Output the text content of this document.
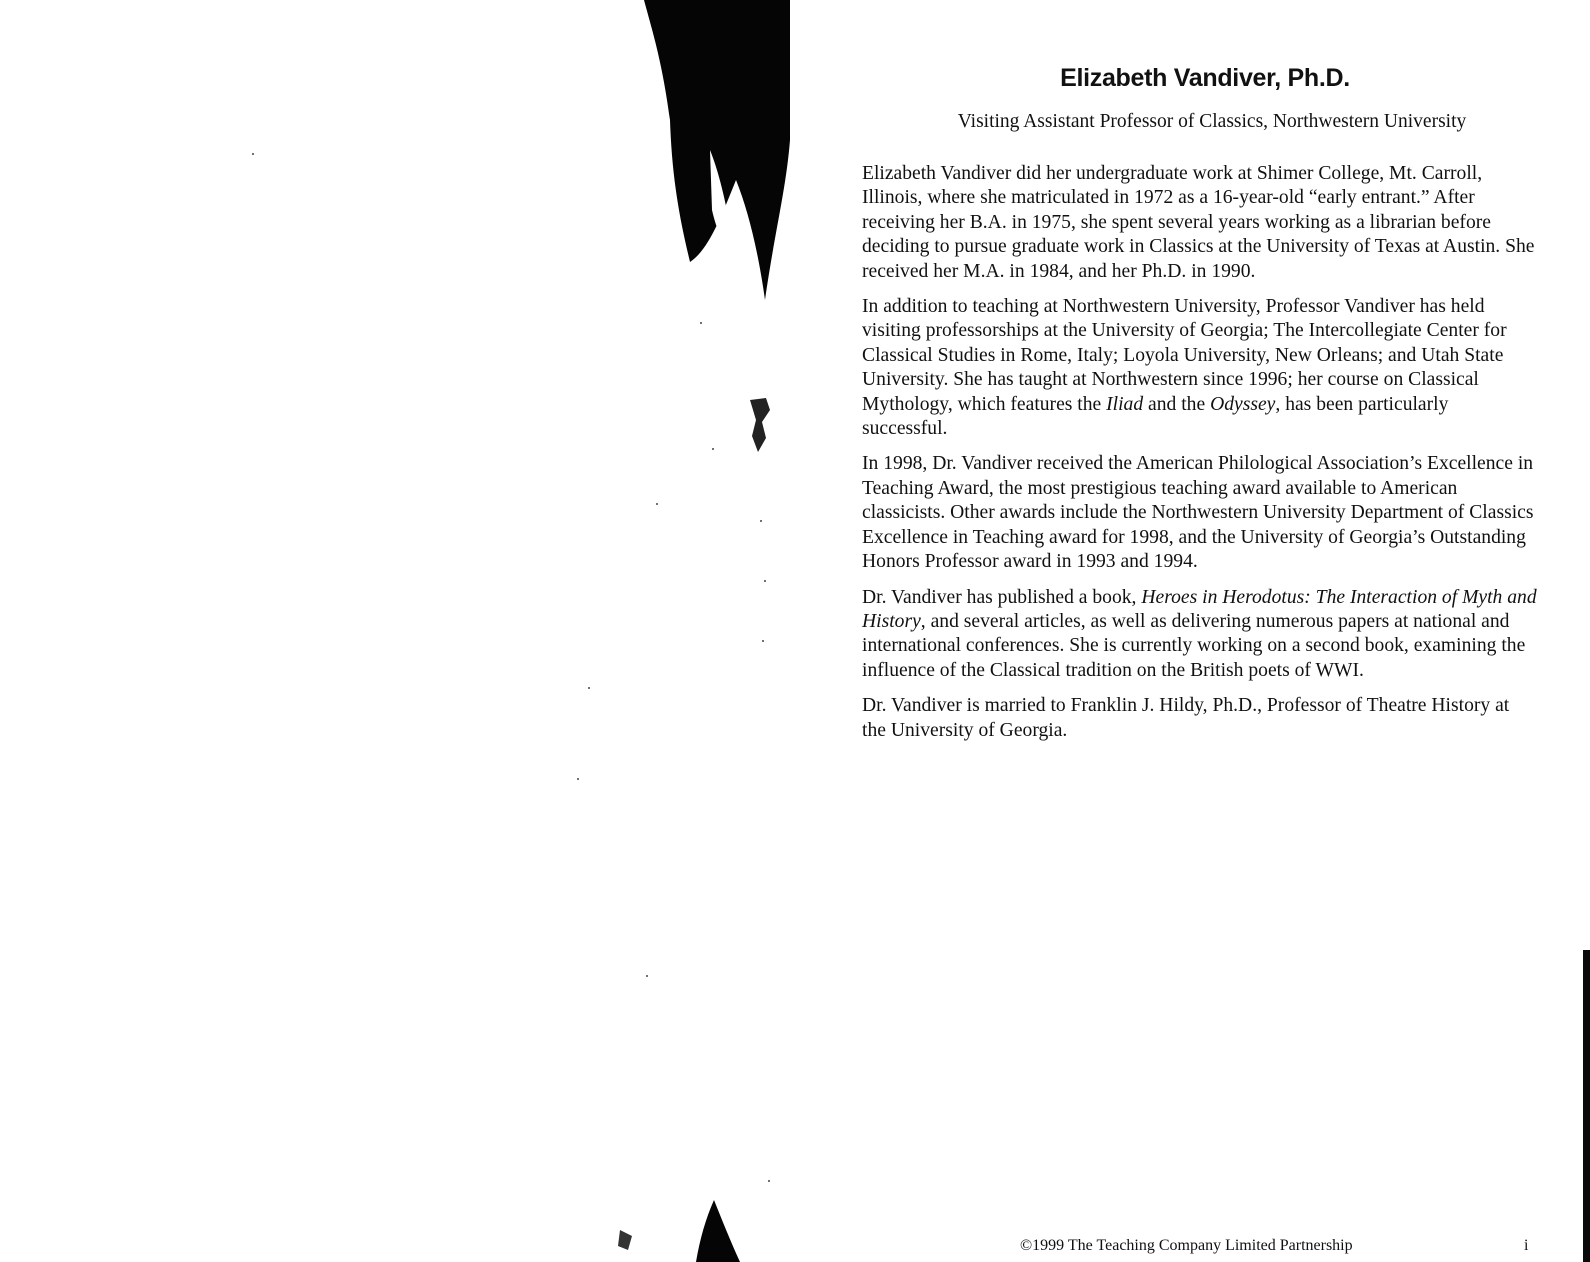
Elizabeth Vandiver, Ph.D.

Visiting Assistant Professor of Classics, Northwestern University

Elizabeth Vandiver did her undergraduate work at Shimer College, Mt. Carroll, Illinois, where she matriculated in 1972 as a 16-year-old “early entrant.” After receiving her B.A. in 1975, she spent several years working as a librarian before deciding to pursue graduate work in Classics at the University of Texas at Austin. She received her M.A. in 1984, and her Ph.D. in 1990.

In addition to teaching at Northwestern University, Professor Vandiver has held visiting professorships at the University of Georgia; The Intercollegiate Center for Classical Studies in Rome, Italy; Loyola University, New Orleans; and Utah State University. She has taught at Northwestern since 1996; her course on Classical Mythology, which features the Iliad and the Odyssey, has been particularly successful.

In 1998, Dr. Vandiver received the American Philological Association’s Excellence in Teaching Award, the most prestigious teaching award available to American classicists. Other awards include the Northwestern University Department of Classics Excellence in Teaching award for 1998, and the University of Georgia’s Outstanding Honors Professor award in 1993 and 1994.

Dr. Vandiver has published a book, Heroes in Herodotus: The Interaction of Myth and History, and several articles, as well as delivering numerous papers at national and international conferences. She is currently working on a second book, examining the influence of the Classical tradition on the British poets of WWI.

Dr. Vandiver is married to Franklin J. Hildy, Ph.D., Professor of Theatre History at the University of Georgia.

©1999 The Teaching Company Limited Partnership	i
